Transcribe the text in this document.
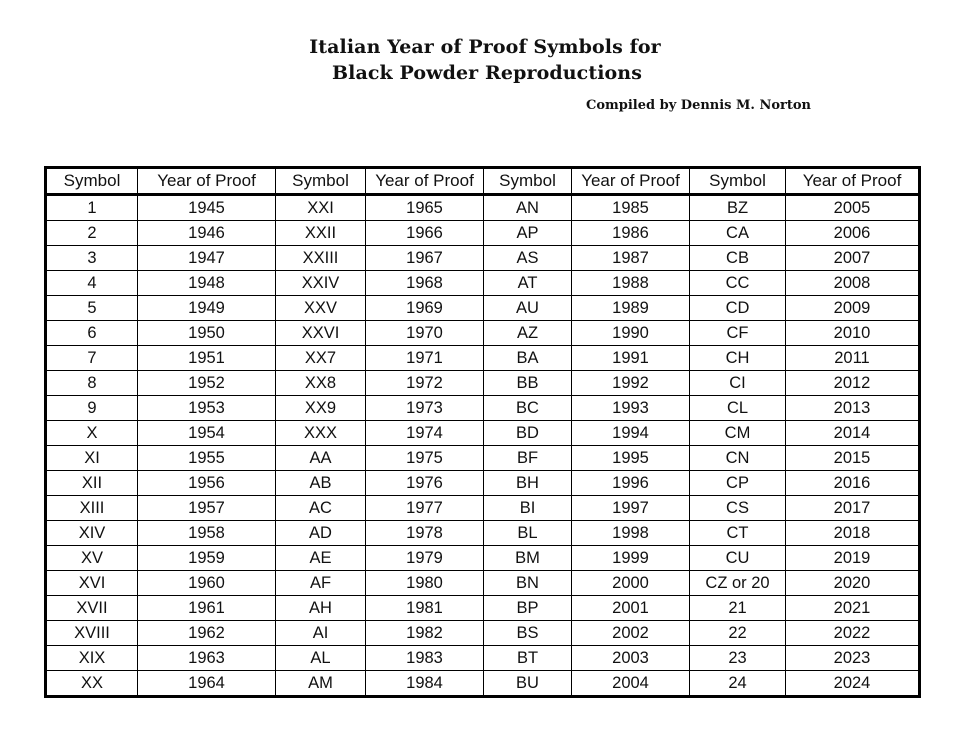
Italian Year of Proof Symbols for
Black Powder Reproductions
Compiled by Dennis M. Norton
Symbol	Year of Proof	Symbol	Year of Proof	Symbol	Year of Proof	Symbol	Year of Proof
1	1945	XXI	1965	AN	1985	BZ	2005
2	1946	XXII	1966	AP	1986	CA	2006
3	1947	XXIII	1967	AS	1987	CB	2007
4	1948	XXIV	1968	AT	1988	CC	2008
5	1949	XXV	1969	AU	1989	CD	2009
6	1950	XXVI	1970	AZ	1990	CF	2010
7	1951	XX7	1971	BA	1991	CH	2011
8	1952	XX8	1972	BB	1992	CI	2012
9	1953	XX9	1973	BC	1993	CL	2013
X	1954	XXX	1974	BD	1994	CM	2014
XI	1955	AA	1975	BF	1995	CN	2015
XII	1956	AB	1976	BH	1996	CP	2016
XIII	1957	AC	1977	BI	1997	CS	2017
XIV	1958	AD	1978	BL	1998	CT	2018
XV	1959	AE	1979	BM	1999	CU	2019
XVI	1960	AF	1980	BN	2000	CZ or 20	2020
XVII	1961	AH	1981	BP	2001	21	2021
XVIII	1962	AI	1982	BS	2002	22	2022
XIX	1963	AL	1983	BT	2003	23	2023
XX	1964	AM	1984	BU	2004	24	2024
